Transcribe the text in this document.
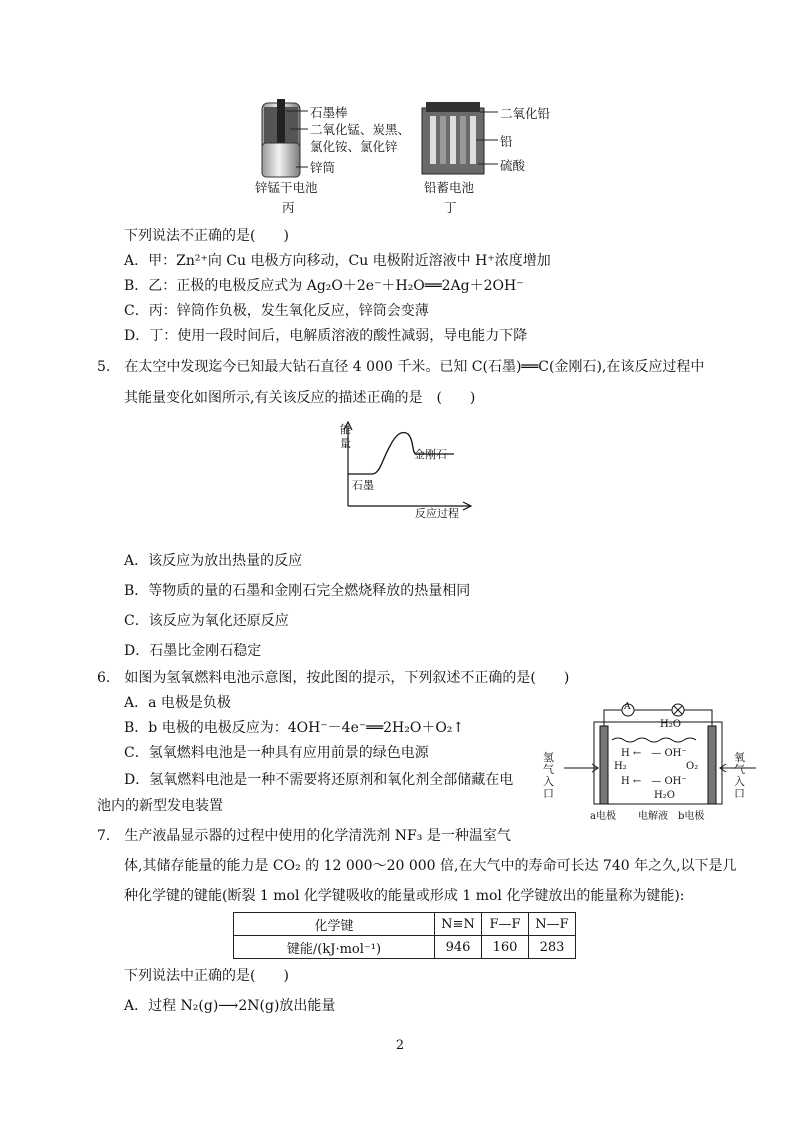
石墨棒
二氧化锰、炭黑、
氯化铵、氯化锌
锌筒
锌锰干电池
丙
二氧化铅
铅
硫酸
铅蓄电池
丁
下列说法不正确的是(　　)
A．甲：Zn²⁺向 Cu 电极方向移动，Cu 电极附近溶液中 H⁺浓度增加
B．乙：正极的电极反应式为 Ag₂O＋2e⁻＋H₂O══2Ag＋2OH⁻
C．丙：锌筒作负极，发生氧化反应，锌筒会变薄
D．丁：使用一段时间后，电解质溶液的酸性减弱，导电能力下降
5.　在太空中发现迄今已知最大钻石直径 4 000 千米。已知 C(石墨)══C(金刚石),在该反应过程中
其能量变化如图所示,有关该反应的描述正确的是　(　　)
能
量
金刚石
石墨
反应过程
A．该反应为放出热量的反应
B．等物质的量的石墨和金刚石完全燃烧释放的热量相同
C．该反应为氧化还原反应
D．石墨比金刚石稳定
6.　如图为氢氧燃料电池示意图，按此图的提示，下列叙述不正确的是(　　)
A．a 电极是负极
B．b 电极的电极反应为：4OH⁻－4e⁻══2H₂O＋O₂↑
C．氢氧燃料电池是一种具有应用前景的绿色电源
D．氢氧燃料电池是一种不需要将还原剂和氧化剂全部储藏在电
池内的新型发电装置
A
氢气入口
氧气入口
H₂O
H₂	O₂
H ←　— OH⁻
H ←　— OH⁻
H₂O
a电极 电解液 b电极
7.　生产液晶显示器的过程中使用的化学清洗剂 NF₃ 是一种温室气
体,其储存能量的能力是 CO₂ 的 12 000～20 000 倍,在大气中的寿命可长达 740 年之久,以下是几
种化学键的键能(断裂 1 mol 化学键吸收的能量或形成 1 mol 化学键放出的能量称为键能):
化学键	N≡N	F—F	N—F
键能/(kJ·mol⁻¹)	946	160	283
下列说法中正确的是(　　)
A．过程 N₂(g)⟶2N(g)放出能量
2
